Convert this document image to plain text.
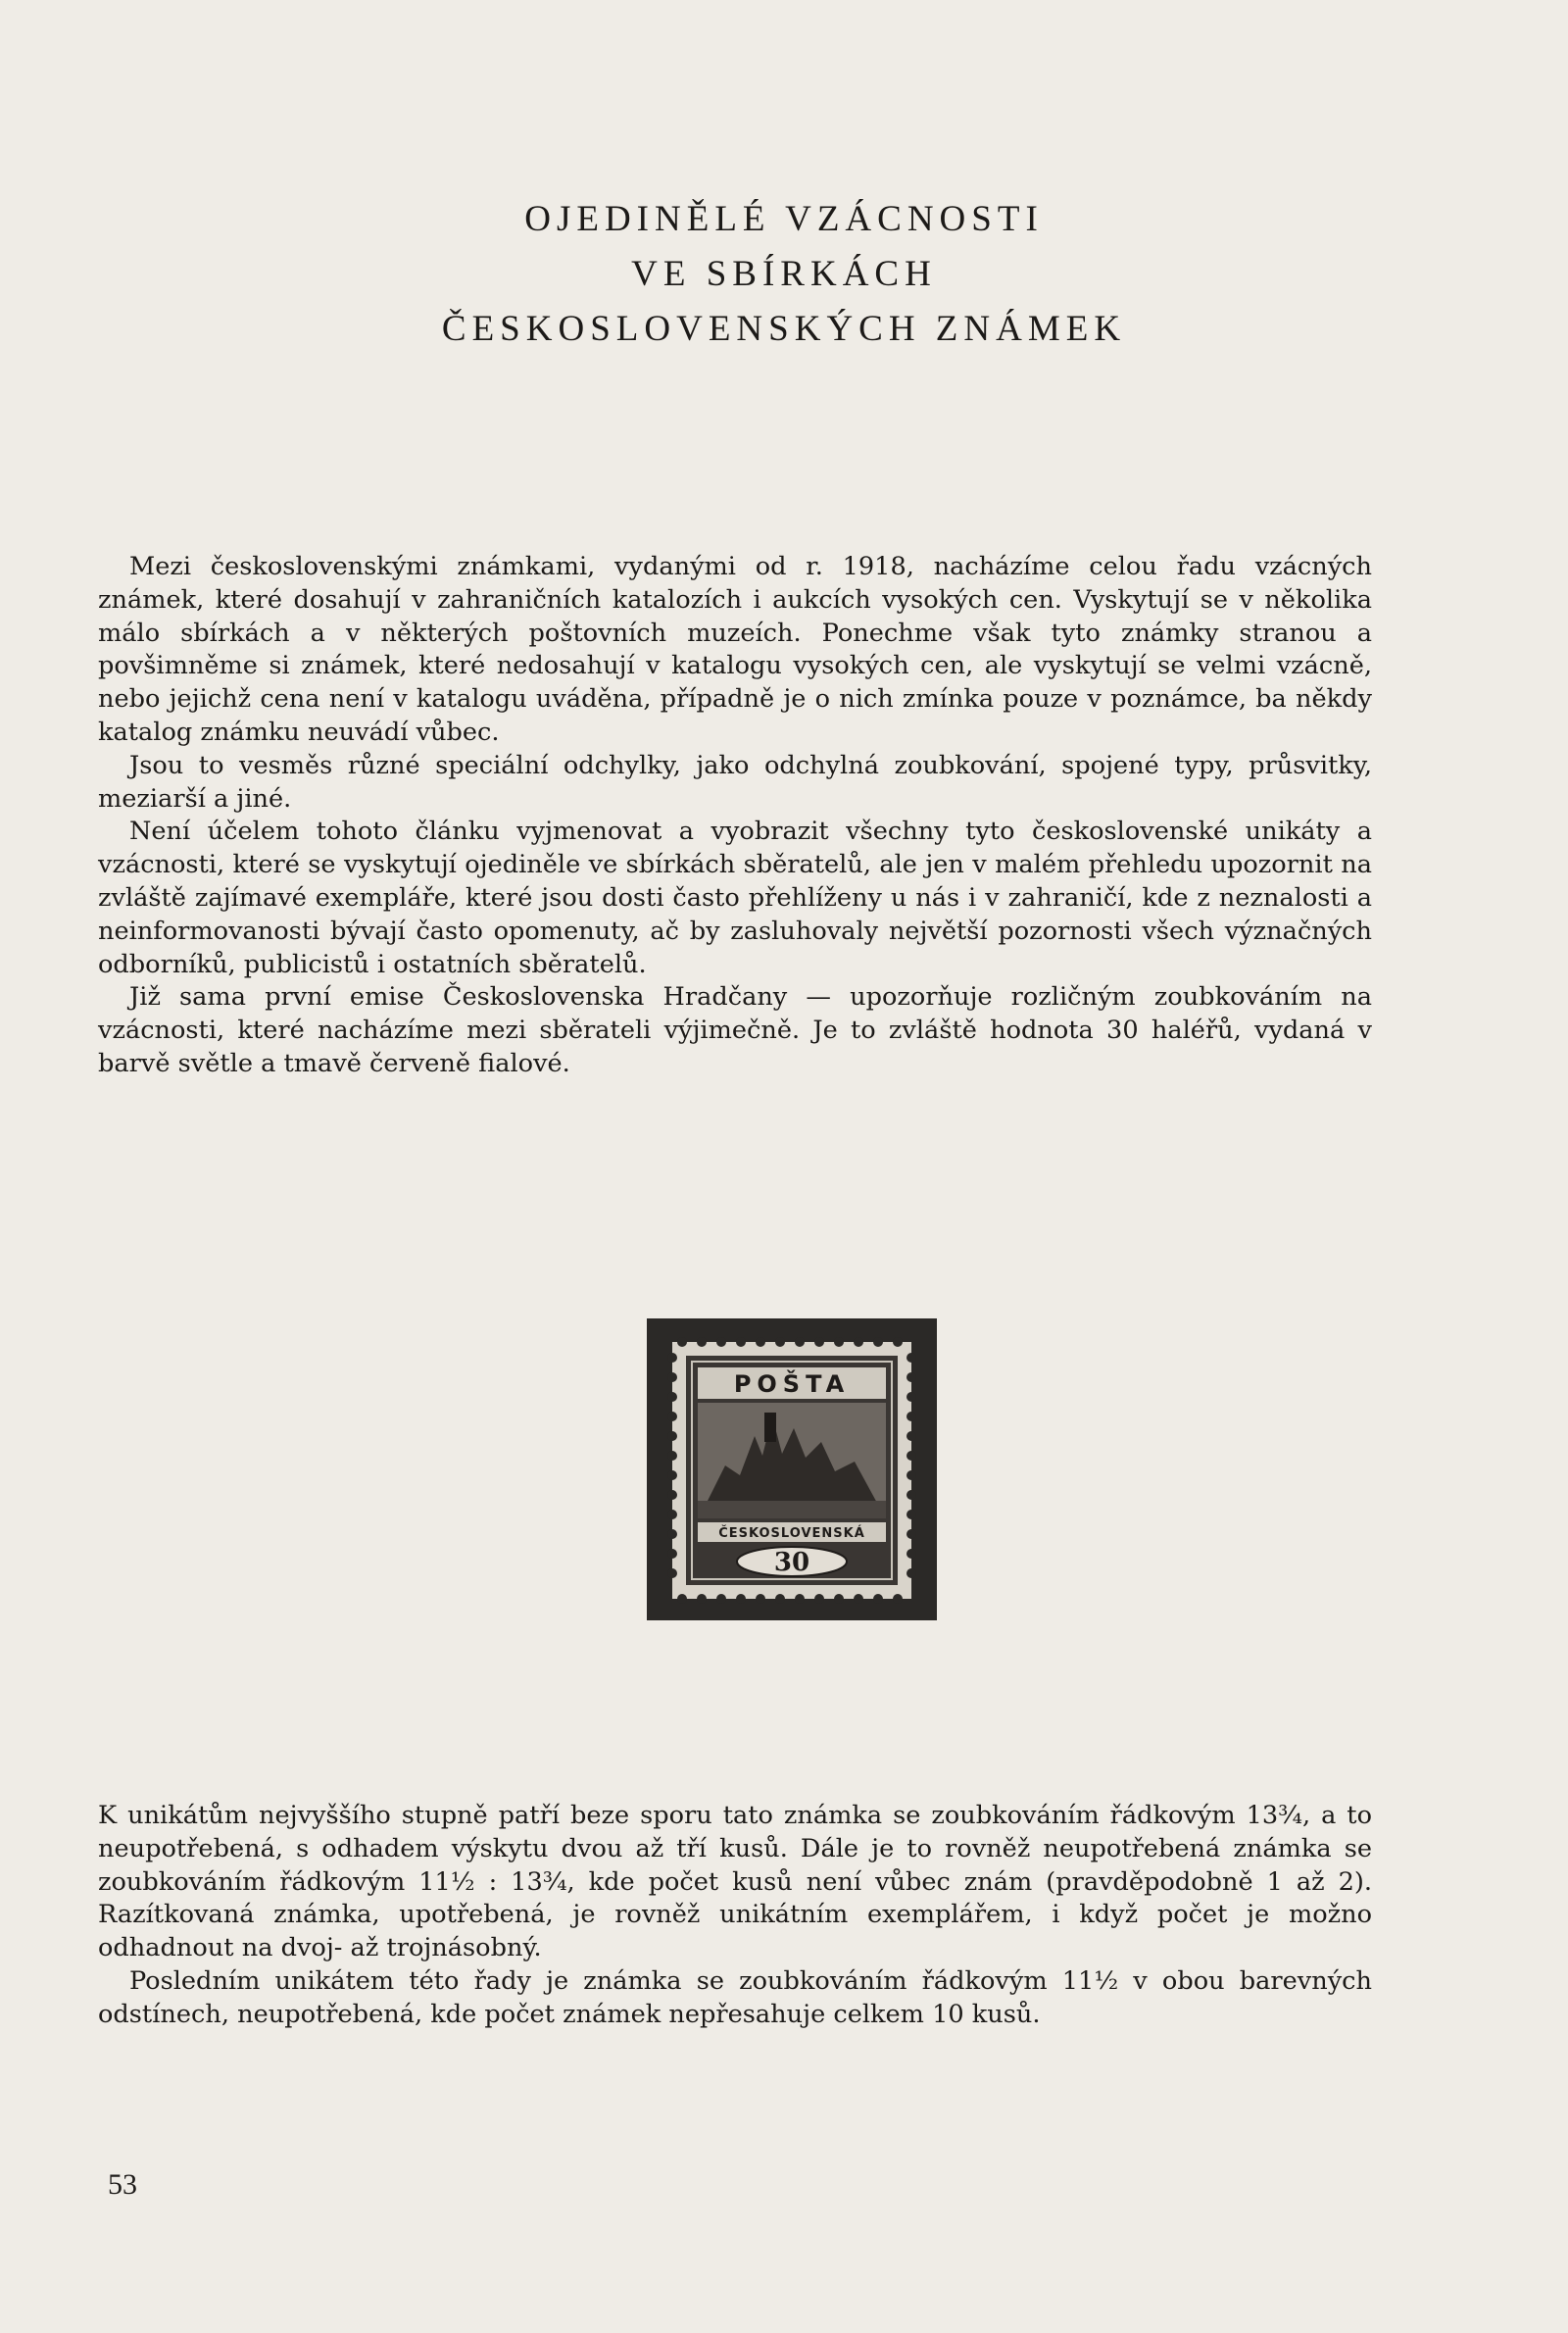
OJEDINĚLÉ VZÁCNOSTI
VE SBÍRKÁCH
ČESKOSLOVENSKÝCH ZNÁMEK

Mezi československými známkami, vydanými od r. 1918, nacházíme celou řadu vzácných známek, které dosahují v zahraničních katalozích i aukcích vysokých cen. Vyskytují se v několika málo sbírkách a v některých poštovních muzeích. Ponechme však tyto známky stranou a povšimněme si známek, které nedosahují v katalogu vysokých cen, ale vyskytují se velmi vzácně, nebo jejichž cena není v katalogu uváděna, případně je o nich zmínka pouze v poznámce, ba někdy katalog známku neuvádí vůbec.

Jsou to vesměs různé speciální odchylky, jako odchylná zoubkování, spojené typy, průsvitky, meziarší a jiné.

Není účelem tohoto článku vyjmenovat a vyobrazit všechny tyto československé unikáty a vzácnosti, které se vyskytují ojediněle ve sbírkách sběratelů, ale jen v malém přehledu upozornit na zvláště zajímavé exempláře, které jsou dosti často přehlíženy u nás i v zahraničí, kde z neznalosti a neinformovanosti bývají často opomenuty, ač by zasluhovaly největší pozornosti všech význačných odborníků, publicistů i ostatních sběratelů.

Již sama první emise Československa Hradčany — upozorňuje rozličným zoubkováním na vzácnosti, které nacházíme mezi sběrateli výjimečně. Je to zvláště hodnota 30 haléřů, vydaná v barvě světle a tmavě červeně fialové.

POŠTA
ČESKOSLOVENSKÁ
30

K unikátům nejvyššího stupně patří beze sporu tato známka se zoubkováním řádkovým 13¾, a to neupotřebená, s odhadem výskytu dvou až tří kusů. Dále je to rovněž neupotřebená známka se zoubkováním řádkovým 11½ : 13¾, kde počet kusů není vůbec znám (pravděpodobně 1 až 2). Razítkovaná známka, upotřebená, je rovněž unikátním exemplářem, i když počet je možno odhadnout na dvoj- až trojnásobný.

Posledním unikátem této řady je známka se zoubkováním řádkovým 11½ v obou barevných odstínech, neupotřebená, kde počet známek nepřesahuje celkem 10 kusů.

53
